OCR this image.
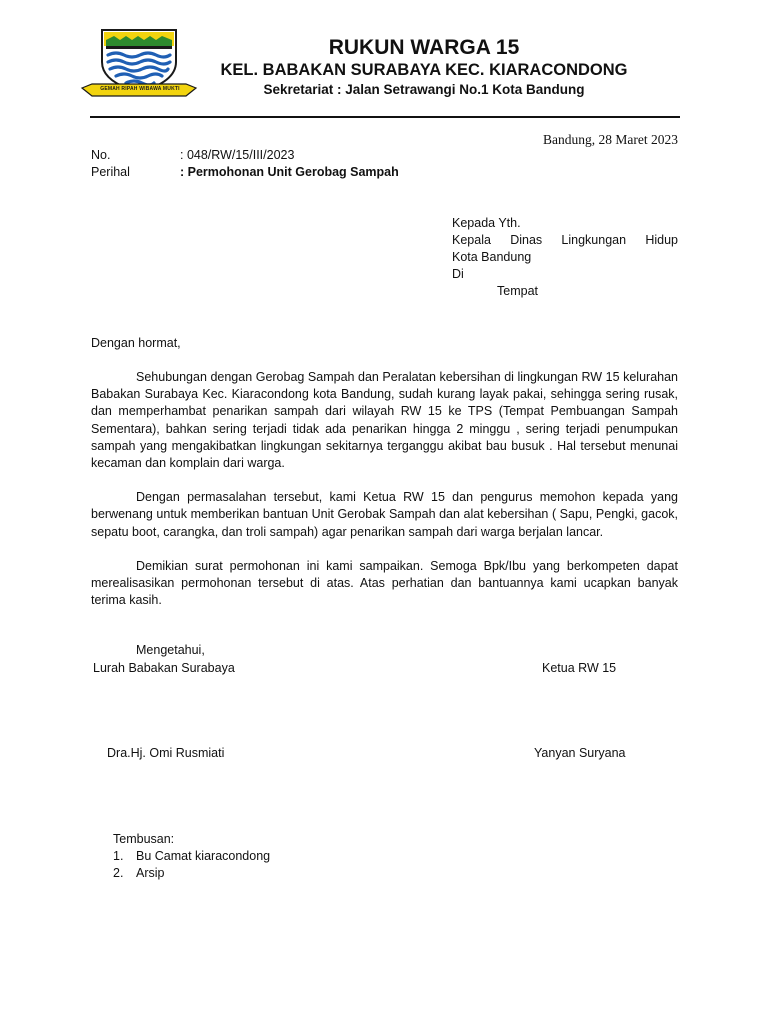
GEMAH RIPAH WIBAWA MUKTI
RUKUN WARGA 15
KEL. BABAKAN SURABAYA KEC. KIARACONDONG
Sekretariat : Jalan Setrawangi No.1 Kota Bandung
Bandung, 28 Maret 2023
No.	: 048/RW/15/III/2023
Perihal	: Permohonan Unit Gerobag Sampah
Kepada Yth.
Kepala Dinas Lingkungan Hidup
Kota Bandung
Di
Tempat
Dengan hormat,

Sehubungan dengan Gerobag Sampah dan Peralatan kebersihan di lingkungan RW 15 kelurahan Babakan Surabaya Kec. Kiaracondong kota Bandung, sudah kurang layak pakai, sehingga sering rusak, dan memperhambat penarikan sampah dari wilayah RW 15 ke TPS (Tempat Pembuangan Sampah Sementara), bahkan sering terjadi tidak ada penarikan hingga 2 minggu , sering terjadi penumpukan sampah yang mengakibatkan lingkungan sekitarnya terganggu akibat bau busuk . Hal tersebut menunai kecaman dan komplain dari warga.

Dengan permasalahan tersebut, kami Ketua RW 15 dan pengurus memohon kepada yang berwenang untuk memberikan bantuan Unit Gerobak Sampah dan alat kebersihan ( Sapu, Pengki, gacok, sepatu boot, carangka, dan troli sampah) agar penarikan sampah dari warga berjalan lancar.

Demikian surat permohonan ini kami sampaikan. Semoga Bpk/Ibu yang berkompeten dapat merealisasikan permohonan tersebut di atas. Atas perhatian dan bantuannya kami ucapkan banyak terima kasih.

Mengetahui,
Lurah Babakan Surabaya	Ketua RW 15
Dra.Hj. Omi Rusmiati	Yanyan Suryana
Tembusan:
1.	Bu Camat kiaracondong
2.	Arsip
